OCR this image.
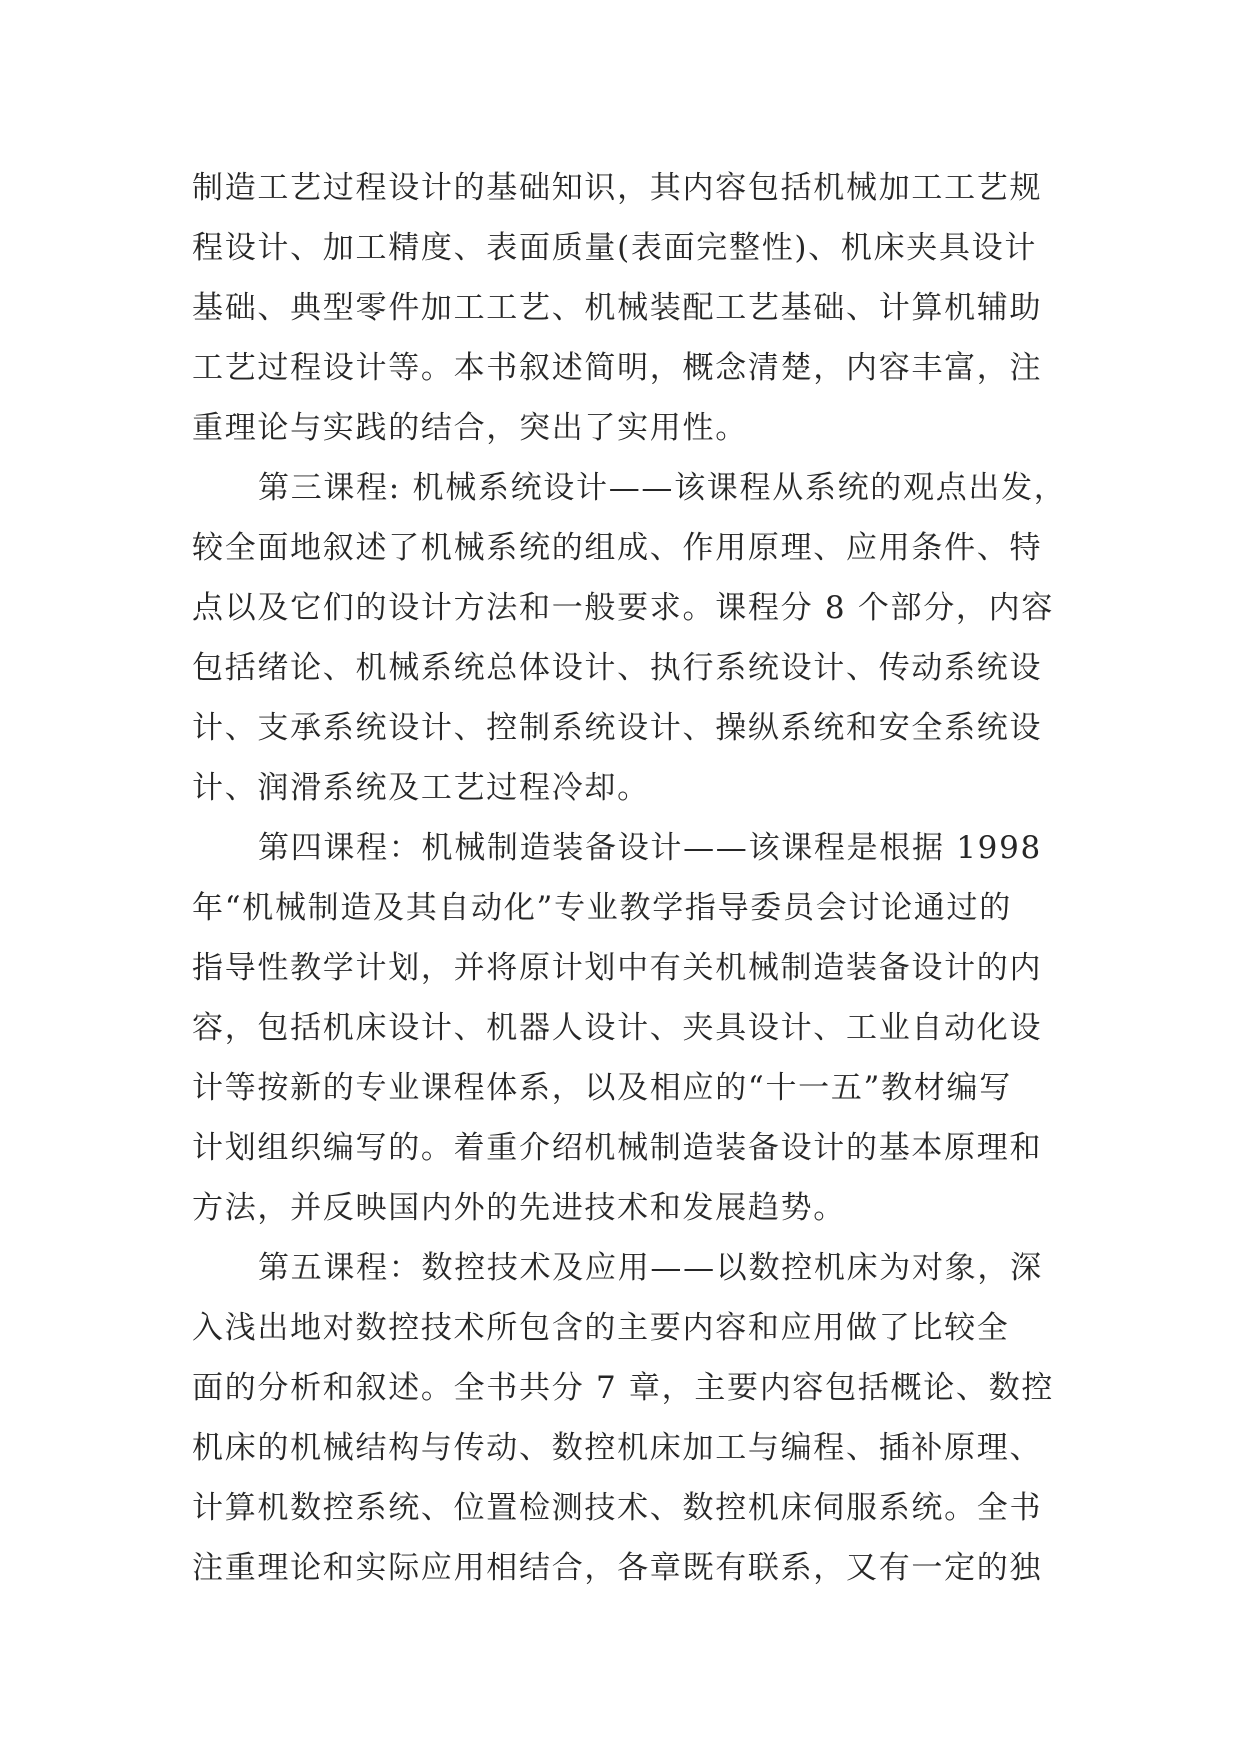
制造工艺过程设计的基础知识，其内容包括机械加工工艺规
程设计、加工精度、表面质量(表面完整性)、机床夹具设计
基础、典型零件加工工艺、机械装配工艺基础、计算机辅助
工艺过程设计等。本书叙述简明，概念清楚，内容丰富，注
重理论与实践的结合，突出了实用性。
第三课程: 机械系统设计——该课程从系统的观点出发，
较全面地叙述了机械系统的组成、作用原理、应用条件、特
点以及它们的设计方法和一般要求。课程分 8 个部分，内容
包括绪论、机械系统总体设计、执行系统设计、传动系统设
计、支承系统设计、控制系统设计、操纵系统和安全系统设
计、润滑系统及工艺过程冷却。
第四课程：机械制造装备设计——该课程是根据 1998
年“机械制造及其自动化”专业教学指导委员会讨论通过的
指导性教学计划，并将原计划中有关机械制造装备设计的内
容，包括机床设计、机器人设计、夹具设计、工业自动化设
计等按新的专业课程体系，以及相应的“十一五”教材编写
计划组织编写的。着重介绍机械制造装备设计的基本原理和
方法，并反映国内外的先进技术和发展趋势。
第五课程：数控技术及应用——以数控机床为对象，深
入浅出地对数控技术所包含的主要内容和应用做了比较全
面的分析和叙述。全书共分 7 章，主要内容包括概论、数控
机床的机械结构与传动、数控机床加工与编程、插补原理、
计算机数控系统、位置检测技术、数控机床伺服系统。全书
注重理论和实际应用相结合，各章既有联系，又有一定的独
